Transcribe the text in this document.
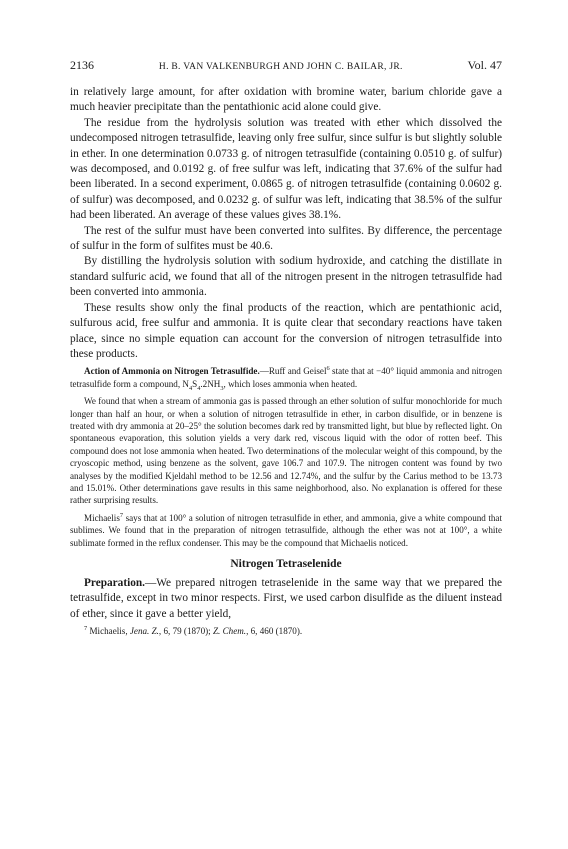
2136	H. B. VAN VALKENBURGH AND JOHN C. BAILAR, JR.	Vol. 47

in relatively large amount, for after oxidation with bromine water, barium chloride gave a much heavier precipitate than the pentathionic acid alone could give.

The residue from the hydrolysis solution was treated with ether which dissolved the undecomposed nitrogen tetrasulfide, leaving only free sulfur, since sulfur is but slightly soluble in ether. In one determination 0.0733 g. of nitrogen tetrasulfide (containing 0.0510 g. of sulfur) was decomposed, and 0.0192 g. of free sulfur was left, indicating that 37.6% of the sulfur had been liberated. In a second experiment, 0.0865 g. of nitrogen tetrasulfide (containing 0.0602 g. of sulfur) was decomposed, and 0.0232 g. of sulfur was left, indicating that 38.5% of the sulfur had been liberated. An average of these values gives 38.1%.

The rest of the sulfur must have been converted into sulfites. By difference, the percentage of sulfur in the form of sulfites must be 40.6.

By distilling the hydrolysis solution with sodium hydroxide, and catching the distillate in standard sulfuric acid, we found that all of the nitrogen present in the nitrogen tetrasulfide had been converted into ammonia.

These results show only the final products of the reaction, which are pentathionic acid, sulfurous acid, free sulfur and ammonia. It is quite clear that secondary reactions have taken place, since no simple equation can account for the conversion of nitrogen tetrasulfide into these products.

Action of Ammonia on Nitrogen Tetrasulfide.—Ruff and Geisel$^6$ state that at −40° liquid ammonia and nitrogen tetrasulfide form a compound, $N_4S_4.2NH_3$, which loses ammonia when heated.

We found that when a stream of ammonia gas is passed through an ether solution of sulfur monochloride for much longer than half an hour, or when a solution of nitrogen tetrasulfide in ether, in carbon disulfide, or in benzene is treated with dry ammonia at 20–25° the solution becomes dark red by transmitted light, but blue by reflected light. On spontaneous evaporation, this solution yields a very dark red, viscous liquid with the odor of rotten beef. This compound does not lose ammonia when heated. Two determinations of the molecular weight of this compound, by the cryoscopic method, using benzene as the solvent, gave 106.7 and 107.9. The nitrogen content was found by two analyses by the modified Kjeldahl method to be 12.56 and 12.74%, and the sulfur by the Carius method to be 13.73 and 15.01%. Other determinations gave results in this same neighborhood, also. No explanation is offered for these rather surprising results.

Michaelis$^7$ says that at 100° a solution of nitrogen tetrasulfide in ether, and ammonia, give a white compound that sublimes. We found that in the preparation of nitrogen tetrasulfide, although the ether was not at 100°, a white sublimate formed in the reflux condenser. This may be the compound that Michaelis noticed.

Nitrogen Tetraselenide

Preparation.—We prepared nitrogen tetraselenide in the same way that we prepared the tetrasulfide, except in two minor respects. First, we used carbon disulfide as the diluent instead of ether, since it gave a better yield,

$^7$ Michaelis, Jena. Z., 6, 79 (1870); Z. Chem., 6, 460 (1870).
